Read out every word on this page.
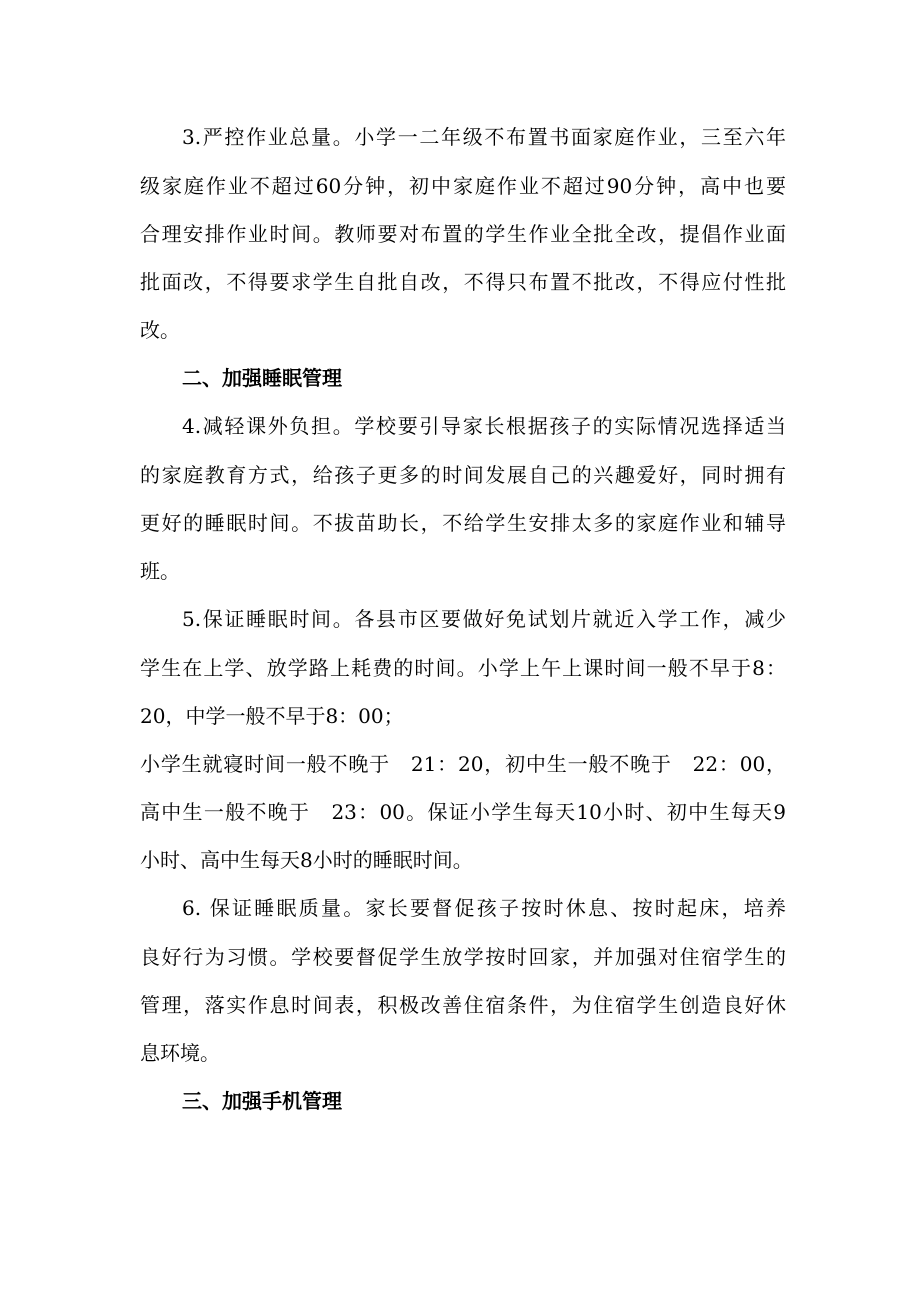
3.严控作业总量。小学一二年级不布置书面家庭作业，三至六年
级家庭作业不超过60分钟，初中家庭作业不超过90分钟，高中也要
合理安排作业时间。教师要对布置的学生作业全批全改，提倡作业面
批面改，不得要求学生自批自改，不得只布置不批改，不得应付性批
改。
二、加强睡眠管理
4.减轻课外负担。学校要引导家长根据孩子的实际情况选择适当
的家庭教育方式，给孩子更多的时间发展自己的兴趣爱好，同时拥有
更好的睡眠时间。不拔苗助长，不给学生安排太多的家庭作业和辅导
班。
5.保证睡眠时间。各县市区要做好免试划片就近入学工作，减少
学生在上学、放学路上耗费的时间。小学上午上课时间一般不早于8：
20，中学一般不早于8：00；
小学生就寝时间一般不晚于　21：20，初中生一般不晚于　22：00，
高中生一般不晚于　23：00。保证小学生每天10小时、初中生每天9
小时、高中生每天8小时的睡眠时间。
6. 保证睡眠质量。家长要督促孩子按时休息、按时起床，培养
良好行为习惯。学校要督促学生放学按时回家，并加强对住宿学生的
管理，落实作息时间表，积极改善住宿条件，为住宿学生创造良好休
息环境。
三、加强手机管理
